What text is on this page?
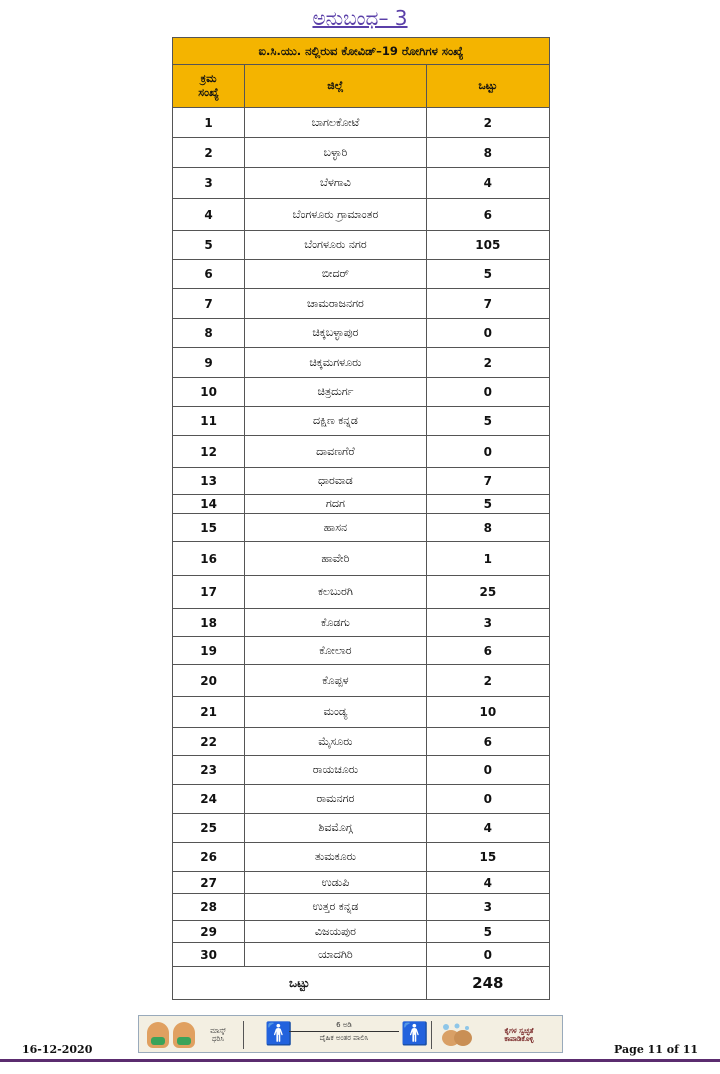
ಅನುಬಂಧ– 3
ಐ.ಸಿ.ಯು. ನಲ್ಲಿರುವ ಕೋವಿಡ್–19 ರೋಗಿಗಳ ಸಂಖ್ಯೆ		
ಕ್ರಮ
ಸಂಖ್ಯೆ	ಜಿಲ್ಲೆ	ಒಟ್ಟು
1	ಬಾಗಲಕೋಟೆ	2
2	ಬಳ್ಳಾರಿ	8
3	ಬೆಳಗಾವಿ	4
4	ಬೆಂಗಳೂರು ಗ್ರಾಮಾಂತರ	6
5	ಬೆಂಗಳೂರು ನಗರ	105
6	ಬೀದರ್	5
7	ಚಾಮರಾಜನಗರ	7
8	ಚಿಕ್ಕಬಳ್ಳಾಪುರ	0
9	ಚಿಕ್ಕಮಗಳೂರು	2
10	ಚಿತ್ರದುರ್ಗ	0
11	ದಕ್ಷಿಣ ಕನ್ನಡ	5
12	ದಾವಣಗೆರೆ	0
13	ಧಾರವಾಡ	7
14	ಗದಗ	5
15	ಹಾಸನ	8
16	ಹಾವೇರಿ	1
17	ಕಲಬುರಗಿ	25
18	ಕೊಡಗು	3
19	ಕೋಲಾರ	6
20	ಕೊಪ್ಪಳ	2
21	ಮಂಡ್ಯ	10
22	ಮೈಸೂರು	6
23	ರಾಯಚೂರು	0
24	ರಾಮನಗರ	0
25	ಶಿವಮೊಗ್ಗ	4
26	ತುಮಕೂರು	15
27	ಉಡುಪಿ	4
28	ಉತ್ತರ ಕನ್ನಡ	3
29	ವಿಜಯಪುರ	5
30	ಯಾದಗಿರಿ	0
ಒಟ್ಟು		248
ಮಾಸ್ಕ್
ಧರಿಸಿ	🚹	6 ಅಡಿ
ದೈಹಿಕ ಅಂತರ ಪಾಲಿಸಿ	🚹	ಕೈಗಳ ಸ್ವಚ್ಛತೆ
ಕಾಪಾಡಿಕೊಳ್ಳಿ
16-12-2020	Page 11 of 11
